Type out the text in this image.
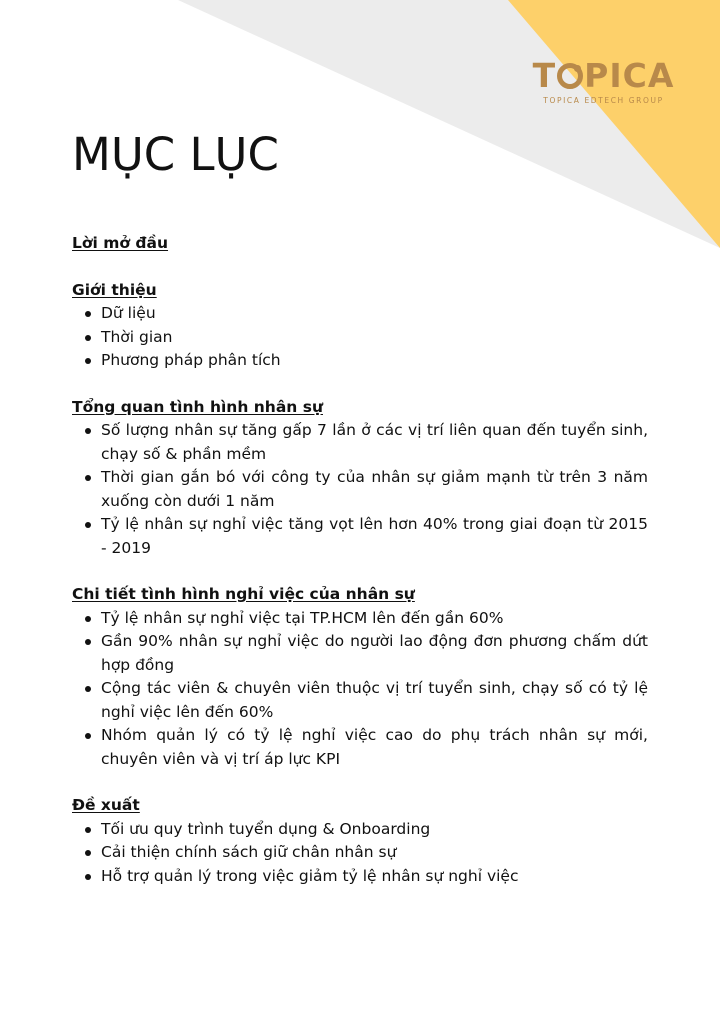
T PICA
TOPICA EDTECH GROUP
MỤC LỤC
Lời mở đầu
Giới thiệu
Dữ liệu
Thời gian
Phương pháp phân tích
Tổng quan tình hình nhân sự
Số lượng nhân sự tăng gấp 7 lần ở các vị trí liên quan đến tuyển sinh, chạy số & phần mềm
Thời gian gắn bó với công ty của nhân sự giảm mạnh từ trên 3 năm xuống còn dưới 1 năm
Tỷ lệ nhân sự nghỉ việc tăng vọt lên hơn 40% trong giai đoạn từ 2015 - 2019
Chi tiết tình hình nghỉ việc của nhân sự
Tỷ lệ nhân sự nghỉ việc tại TP.HCM lên đến gần 60%
Gần 90% nhân sự nghỉ việc do người lao động đơn phương chấm dứt hợp đồng
Cộng tác viên & chuyên viên thuộc vị trí tuyển sinh, chạy số có tỷ lệ nghỉ việc lên đến 60%
Nhóm quản lý có tỷ lệ nghỉ việc cao do phụ trách nhân sự mới, chuyên viên và vị trí áp lực KPI
Đề xuất
Tối ưu quy trình tuyển dụng & Onboarding
Cải thiện chính sách giữ chân nhân sự
Hỗ trợ quản lý trong việc giảm tỷ lệ nhân sự nghỉ việc
